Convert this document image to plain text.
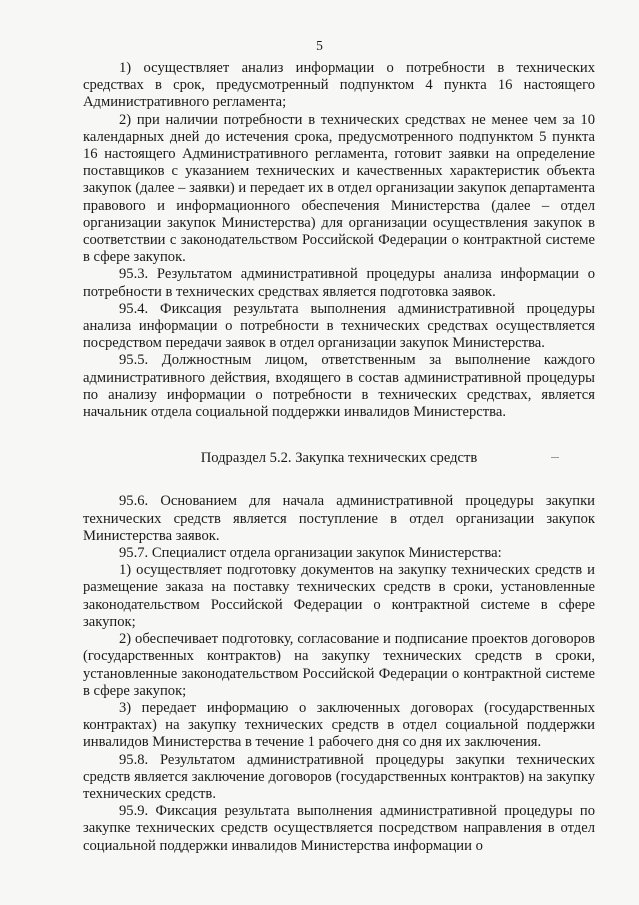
5

1) осуществляет анализ информации о потребности в технических средствах в срок, предусмотренный подпунктом 4 пункта 16 настоящего Административного регламента;

2) при наличии потребности в технических средствах не менее чем за 10 календарных дней до истечения срока, предусмотренного подпунктом 5 пункта 16 настоящего Административного регламента, готовит заявки на определение поставщиков с указанием технических и качественных характеристик объекта закупок (далее – заявки) и передает их в отдел организации закупок департамента правового и информационного обеспечения Министерства (далее – отдел организации закупок Министерства) для организации осуществления закупок в соответствии с законодательством Российской Федерации о контрактной системе в сфере закупок.

95.3. Результатом административной процедуры анализа информации о потребности в технических средствах является подготовка заявок.

95.4. Фиксация результата выполнения административной процедуры анализа информации о потребности в технических средствах осуществляется посредством передачи заявок в отдел организации закупок Министерства.

95.5. Должностным лицом, ответственным за выполнение каждого административного действия, входящего в состав административной процедуры по анализу информации о потребности в технических средствах, является начальник отдела социальной поддержки инвалидов Министерства.

Подраздел 5.2. Закупка технических средств

95.6. Основанием для начала административной процедуры закупки технических средств является поступление в отдел организации закупок Министерства заявок.

95.7. Специалист отдела организации закупок Министерства:

1) осуществляет подготовку документов на закупку технических средств и размещение заказа на поставку технических средств в сроки, установленные законодательством Российской Федерации о контрактной системе в сфере закупок;

2) обеспечивает подготовку, согласование и подписание проектов договоров (государственных контрактов) на закупку технических средств в сроки, установленные законодательством Российской Федерации о контрактной системе в сфере закупок;

3) передает информацию о заключенных договорах (государственных контрактах) на закупку технических средств в отдел социальной поддержки инвалидов Министерства в течение 1 рабочего дня со дня их заключения.

95.8. Результатом административной процедуры закупки технических средств является заключение договоров (государственных контрактов) на закупку технических средств.

95.9. Фиксация результата выполнения административной процедуры по закупке технических средств осуществляется посредством направления в отдел социальной поддержки инвалидов Министерства информации о
